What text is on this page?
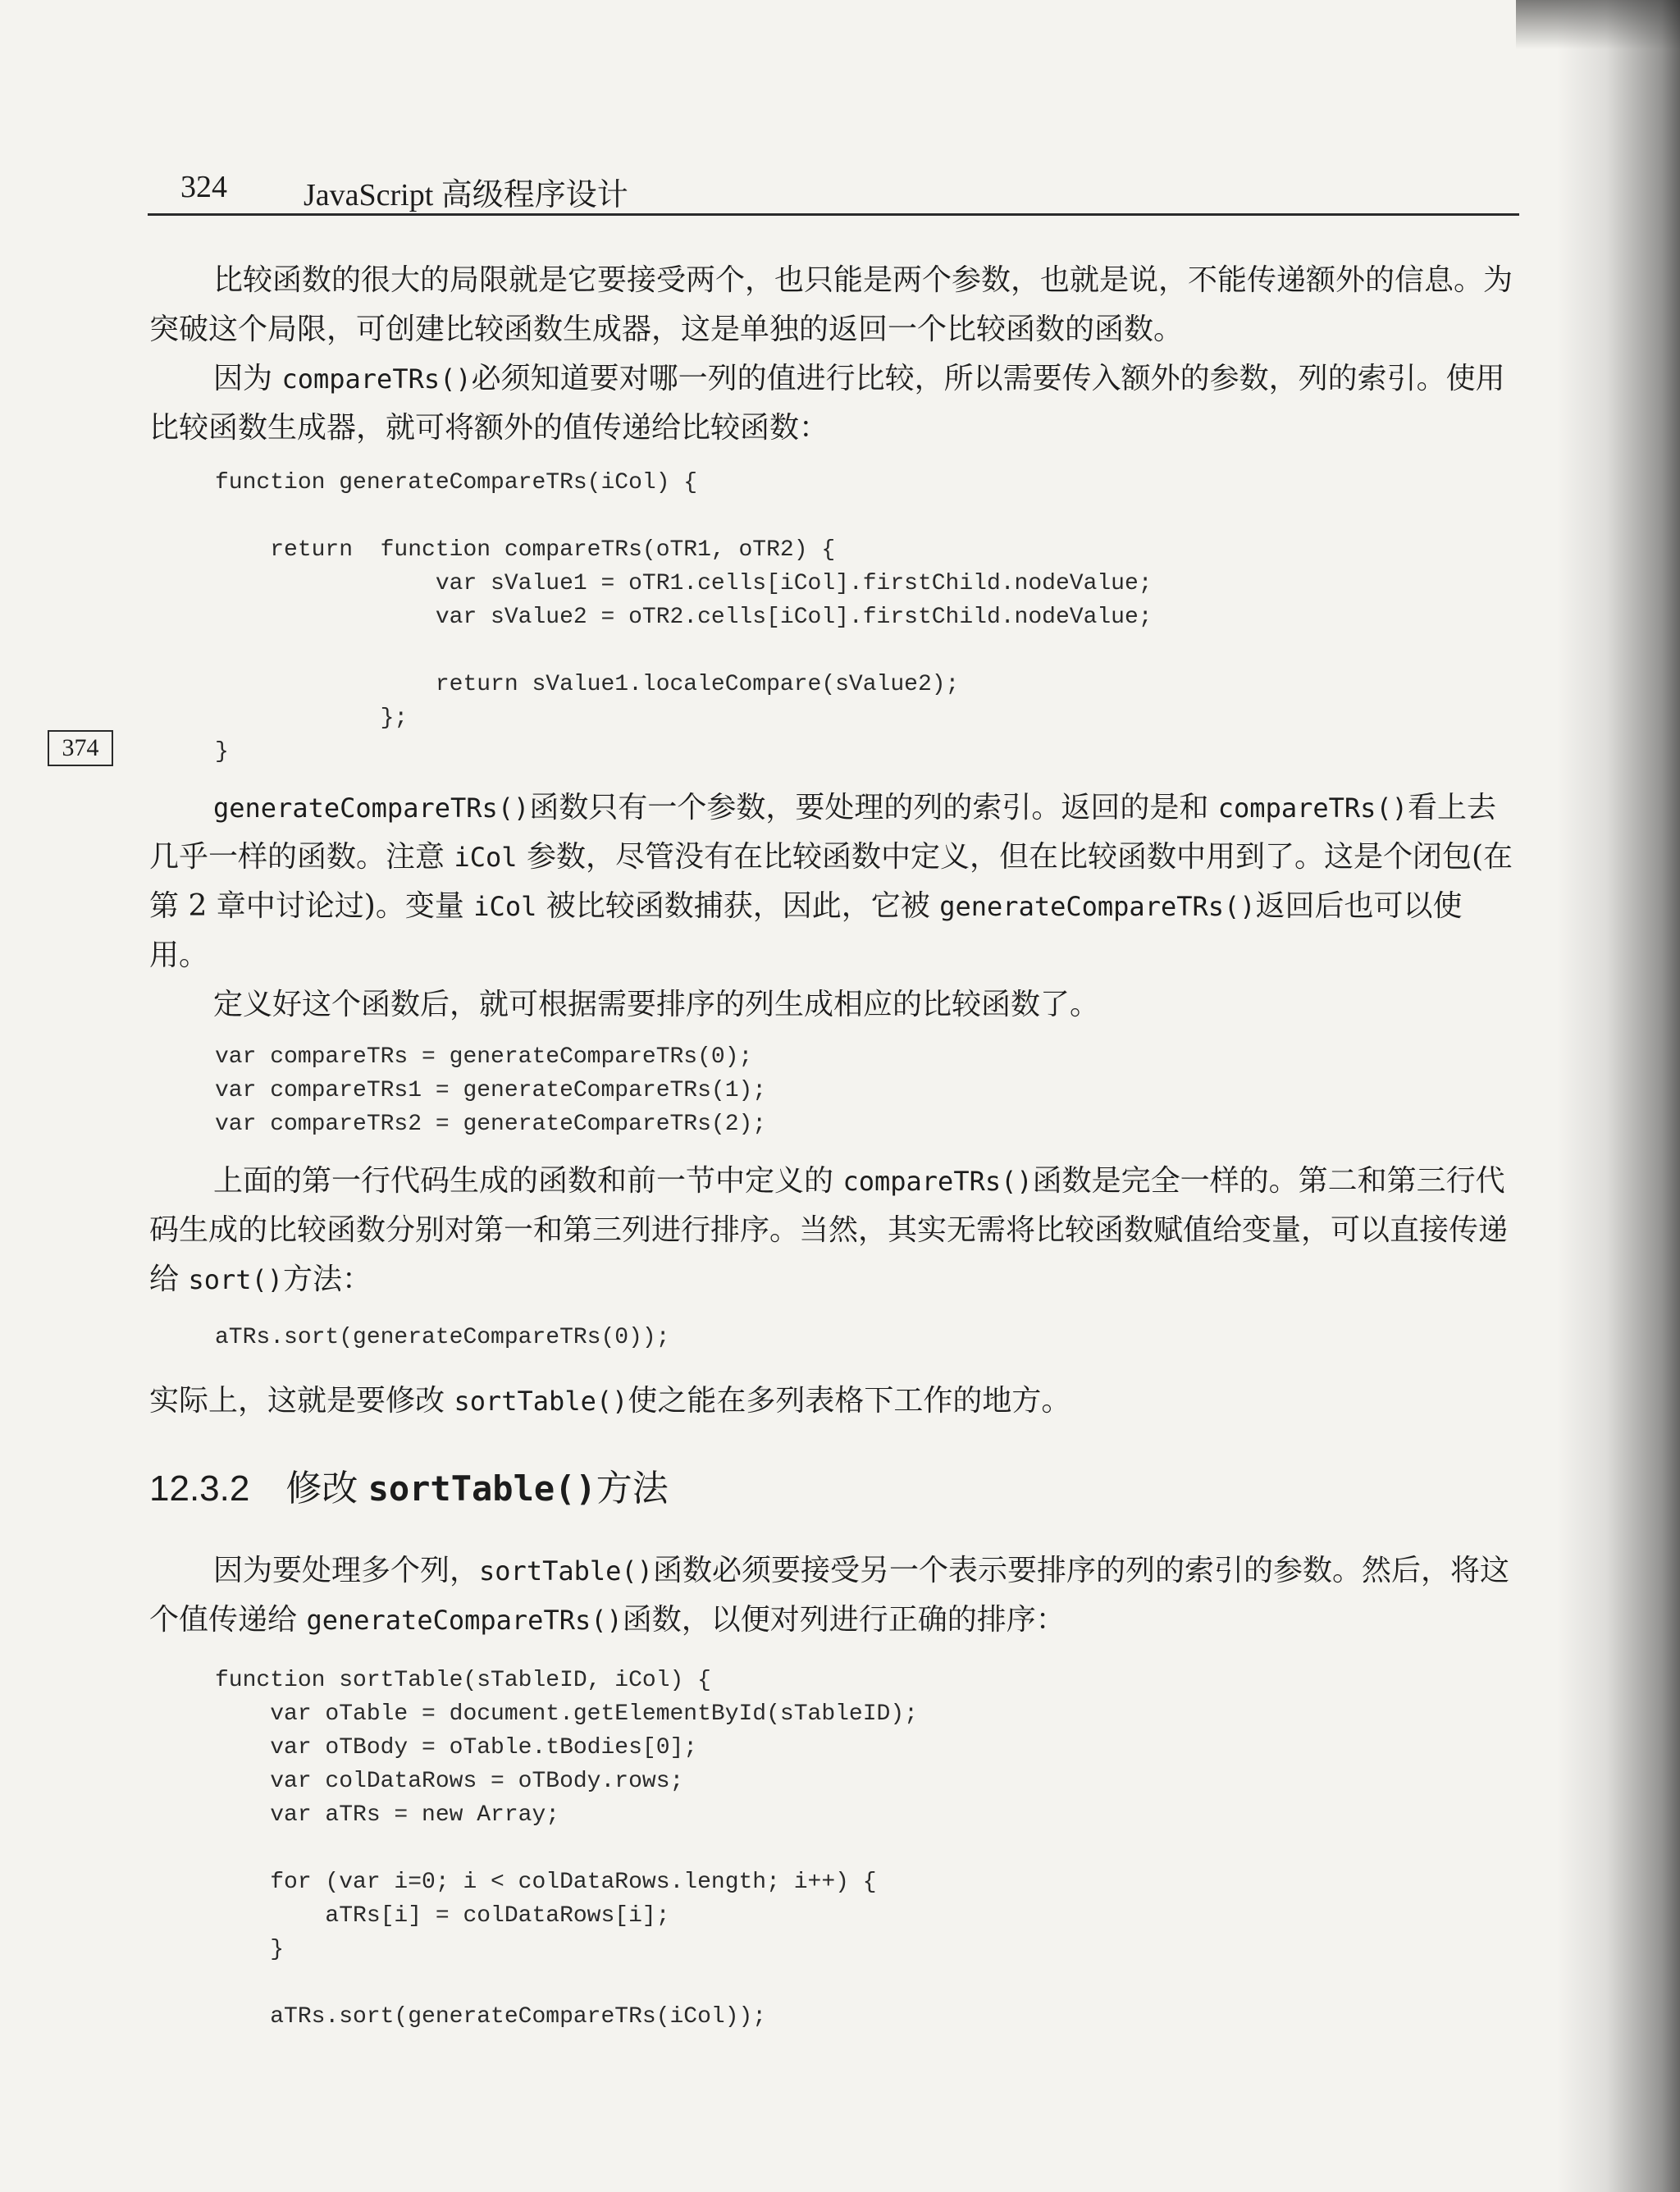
324 JavaScript 高级程序设计

比较函数的很大的局限就是它要接受两个，也只能是两个参数，也就是说，不能传递额外的信息。为突破这个局限，可创建比较函数生成器，这是单独的返回一个比较函数的函数。

因为 compareTRs()必须知道要对哪一列的值进行比较，所以需要传入额外的参数，列的索引。使用比较函数生成器，就可将额外的值传递给比较函数：

function generateCompareTRs(iCol) {

return  function compareTRs(oTR1, oTR2) {
var sValue1 = oTR1.cells[iCol].firstChild.nodeValue;
var sValue2 = oTR2.cells[iCol].firstChild.nodeValue;

return sValue1.localeCompare(sValue2);
};
}
374

generateCompareTRs()函数只有一个参数，要处理的列的索引。返回的是和 compareTRs()看上去几乎一样的函数。注意 iCol 参数，尽管没有在比较函数中定义，但在比较函数中用到了。这是个闭包(在第 2 章中讨论过)。变量 iCol 被比较函数捕获，因此，它被 generateCompareTRs()返回后也可以使用。

定义好这个函数后，就可根据需要排序的列生成相应的比较函数了。

var compareTRs = generateCompareTRs(0);
var compareTRs1 = generateCompareTRs(1);
var compareTRs2 = generateCompareTRs(2);

上面的第一行代码生成的函数和前一节中定义的 compareTRs()函数是完全一样的。第二和第三行代码生成的比较函数分别对第一和第三列进行排序。当然，其实无需将比较函数赋值给变量，可以直接传递给 sort()方法：

aTRs.sort(generateCompareTRs(0));

实际上，这就是要修改 sortTable()使之能在多列表格下工作的地方。

12.3.2 修改 sortTable()方法

因为要处理多个列，sortTable()函数必须要接受另一个表示要排序的列的索引的参数。然后，将这个值传递给 generateCompareTRs()函数，以便对列进行正确的排序：

function sortTable(sTableID, iCol) {
var oTable = document.getElementById(sTableID);
var oTBody = oTable.tBodies[0];
var colDataRows = oTBody.rows;
var aTRs = new Array;

for (var i=0; i < colDataRows.length; i++) {
aTRs[i] = colDataRows[i];
}

aTRs.sort(generateCompareTRs(iCol));
